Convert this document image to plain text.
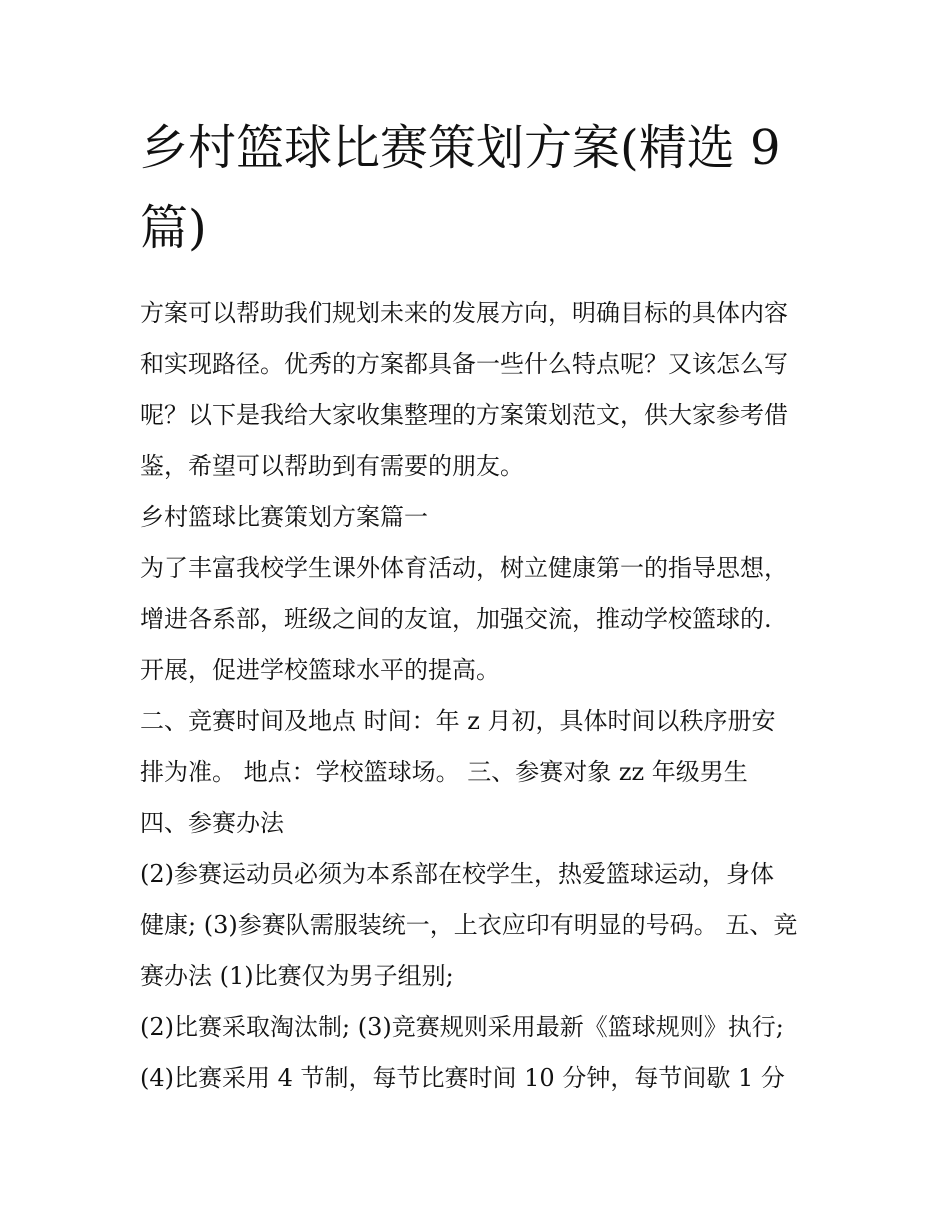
乡村篮球比赛策划方案(精选 9 篇)

方案可以帮助我们规划未来的发展方向，明确目标的具体内容

和实现路径。优秀的方案都具备一些什么特点呢？又该怎么写

呢？以下是我给大家收集整理的方案策划范文，供大家参考借

鉴，希望可以帮助到有需要的朋友。

乡村篮球比赛策划方案篇一

为了丰富我校学生课外体育活动，树立健康第一的指导思想，

增进各系部，班级之间的友谊，加强交流，推动学校篮球的.

开展，促进学校篮球水平的提高。

二、竞赛时间及地点 时间：年 z 月初，具体时间以秩序册安

排为准。 地点：学校篮球场。 三、参赛对象 zz 年级男生

四、参赛办法

(2)参赛运动员必须为本系部在校学生，热爱篮球运动，身体

健康; (3)参赛队需服装统一，上衣应印有明显的号码。 五、竞

赛办法 (1)比赛仅为男子组别;

(2)比赛采取淘汰制; (3)竞赛规则采用最新《篮球规则》执行;

(4)比赛采用 4 节制，每节比赛时间 10 分钟，每节间歇 1 分
